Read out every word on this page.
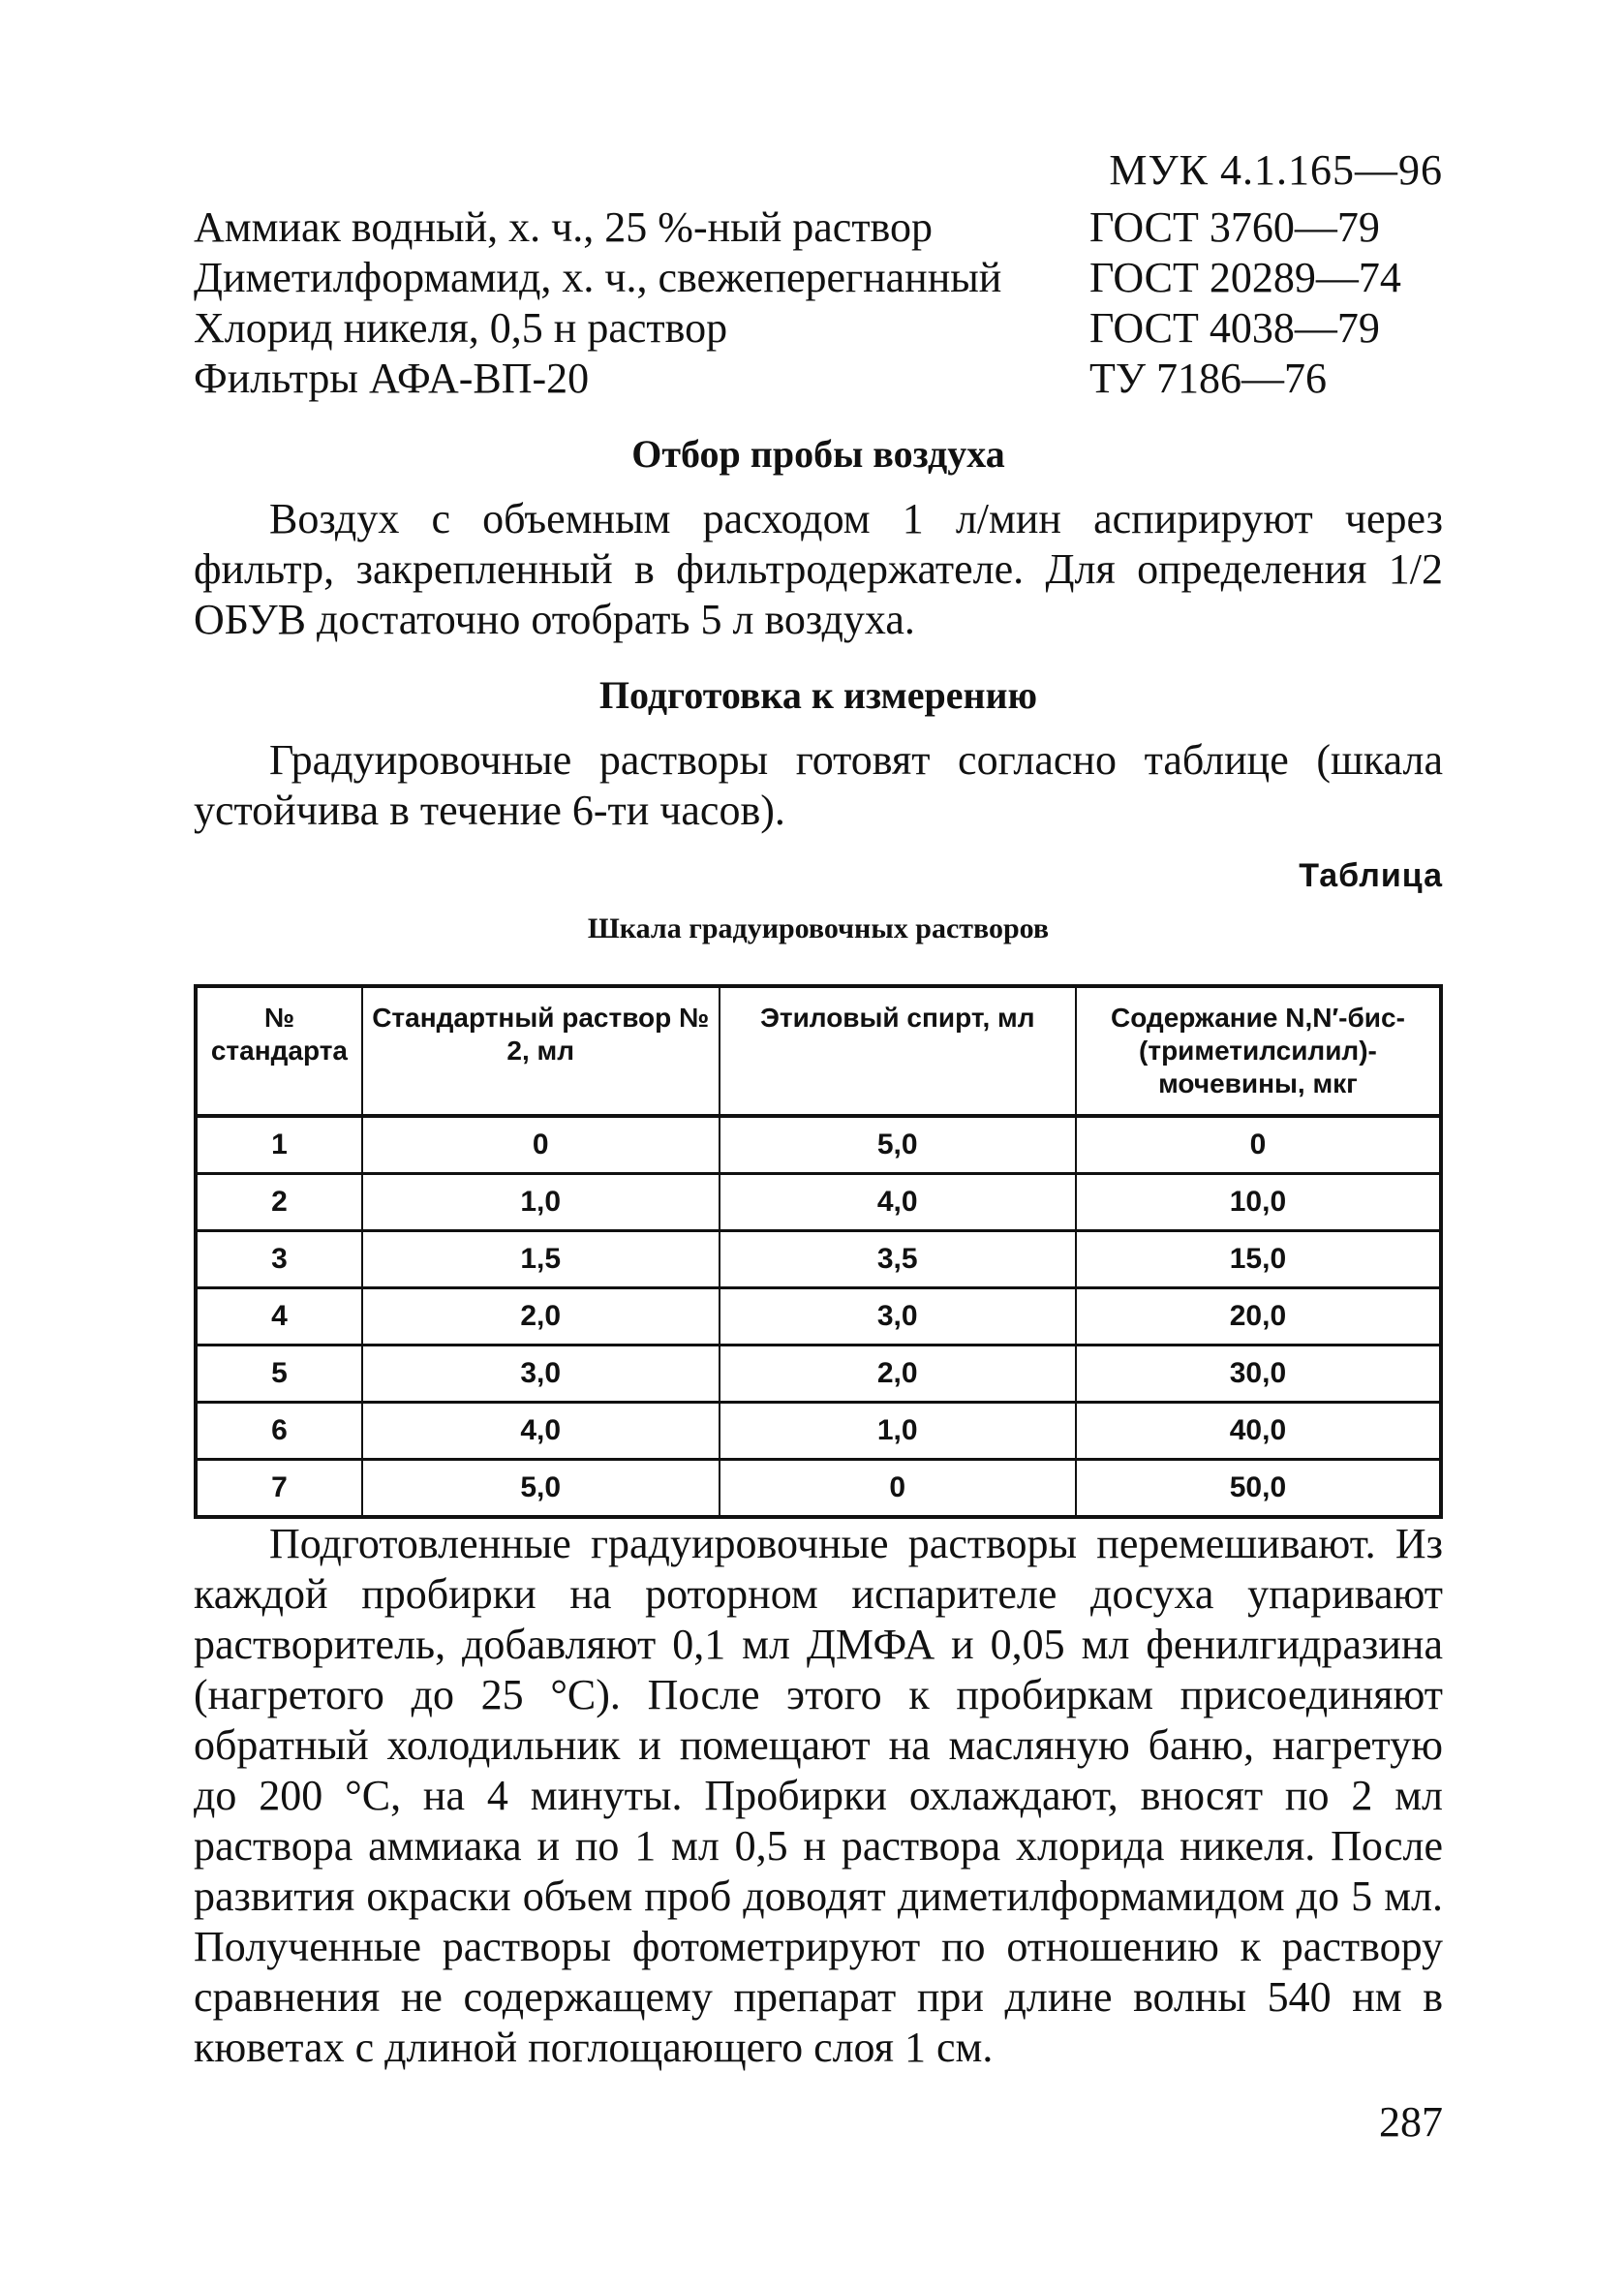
МУК 4.1.165—96
Аммиак водный, х. ч., 25 %-ный раствор	ГОСТ 3760—79
Диметилформамид, х. ч., свежеперегнанный ГОСТ 20289—74
Хлорид никеля, 0,5 н раствор	ГОСТ 4038—79
Фильтры АФА-ВП-20	ТУ 7186—76
Отбор пробы воздуха

Воздух с объемным расходом 1 л/мин аспирируют через фильтр, закрепленный в фильтродержателе. Для определения 1/2 ОБУВ достаточно отобрать 5 л воздуха.

Подготовка к измерению

Градуировочные растворы готовят согласно таблице (шкала устойчива в течение 6-ти часов).

Таблица
Шкала градуировочных растворов
№ стандарта	Стандартный раствор № 2, мл	Этиловый спирт, мл	Содержание N,N′-бис-(триметилсилил)-мочевины, мкг
1	0	5,0	0
2	1,0	4,0	10,0
3	1,5	3,5	15,0
4	2,0	3,0	20,0
5	3,0	2,0	30,0
6	4,0	1,0	40,0
7	5,0	0	50,0

Подготовленные градуировочные растворы перемешивают. Из каждой пробирки на роторном испарителе досуха упаривают растворитель, добавляют 0,1 мл ДМФА и 0,05 мл фенилгидразина (нагретого до 25 °С). После этого к пробиркам присоединяют обратный холодильник и помещают на масляную баню, нагретую до 200 °С, на 4 минуты. Пробирки охлаждают, вносят по 2 мл раствора аммиака и по 1 мл 0,5 н раствора хлорида никеля. После развития окраски объем проб доводят диметилформамидом до 5 мл. Полученные растворы фотометрируют по отношению к раствору сравнения не содержащему препарат при длине волны 540 нм в кюветах с длиной поглощающего слоя 1 см.

287
